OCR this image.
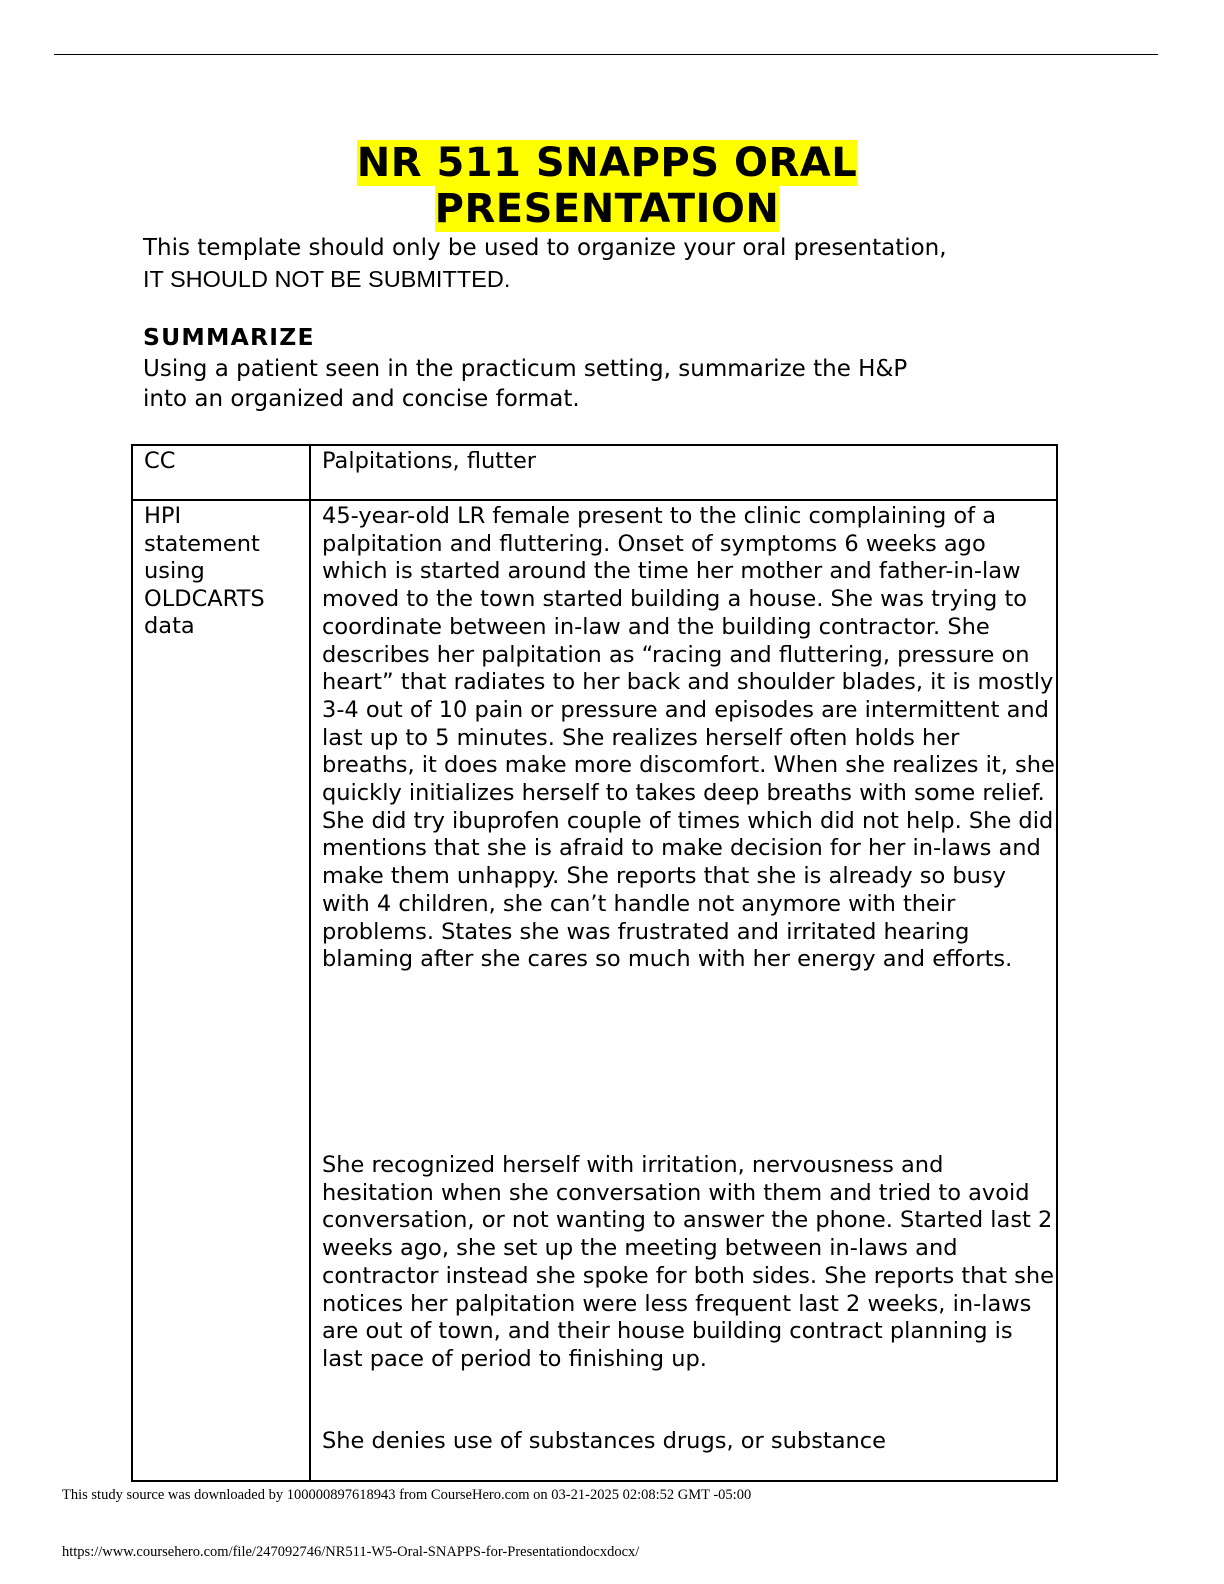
NR 511 SNAPPS ORAL
PRESENTATION
This template should only be used to organize your oral presentation,
IT SHOULD NOT BE SUBMITTED.
SUMMARIZE
Using a patient seen in the practicum setting, summarize the H&P
into an organized and concise format.
CC	Palpitations, flutter
HPI statement using OLDCARTS data
45-year-old LR female present to the clinic complaining of a palpitation and fluttering. Onset of symptoms 6 weeks ago which is started around the time her mother and father-in-law moved to the town started building a house. She was trying to coordinate between in-law and the building contractor. She describes her palpitation as “racing and fluttering, pressure on heart” that radiates to her back and shoulder blades, it is mostly 3-4 out of 10 pain or pressure and episodes are intermittent and last up to 5 minutes. She realizes herself often holds her breaths, it does make more discomfort. When she realizes it, she quickly initializes herself to takes deep breaths with some relief. She did try ibuprofen couple of times which did not help. She did mentions that she is afraid to make decision for her in-laws and make them unhappy. She reports that she is already so busy with 4 children, she can’t handle not anymore with their problems. States she was frustrated and irritated hearing blaming after she cares so much with her energy and efforts.
She recognized herself with irritation, nervousness and hesitation when she conversation with them and tried to avoid conversation, or not wanting to answer the phone. Started last 2 weeks ago, she set up the meeting between in-laws and contractor instead she spoke for both sides. She reports that she notices her palpitation were less frequent last 2 weeks, in-laws are out of town, and their house building contract planning is last pace of period to finishing up.
She denies use of substances drugs, or substance
This study source was downloaded by 100000897618943 from CourseHero.com on 03-21-2025 02:08:52 GMT -05:00
https://www.coursehero.com/file/247092746/NR511-W5-Oral-SNAPPS-for-Presentationdocxdocx/
